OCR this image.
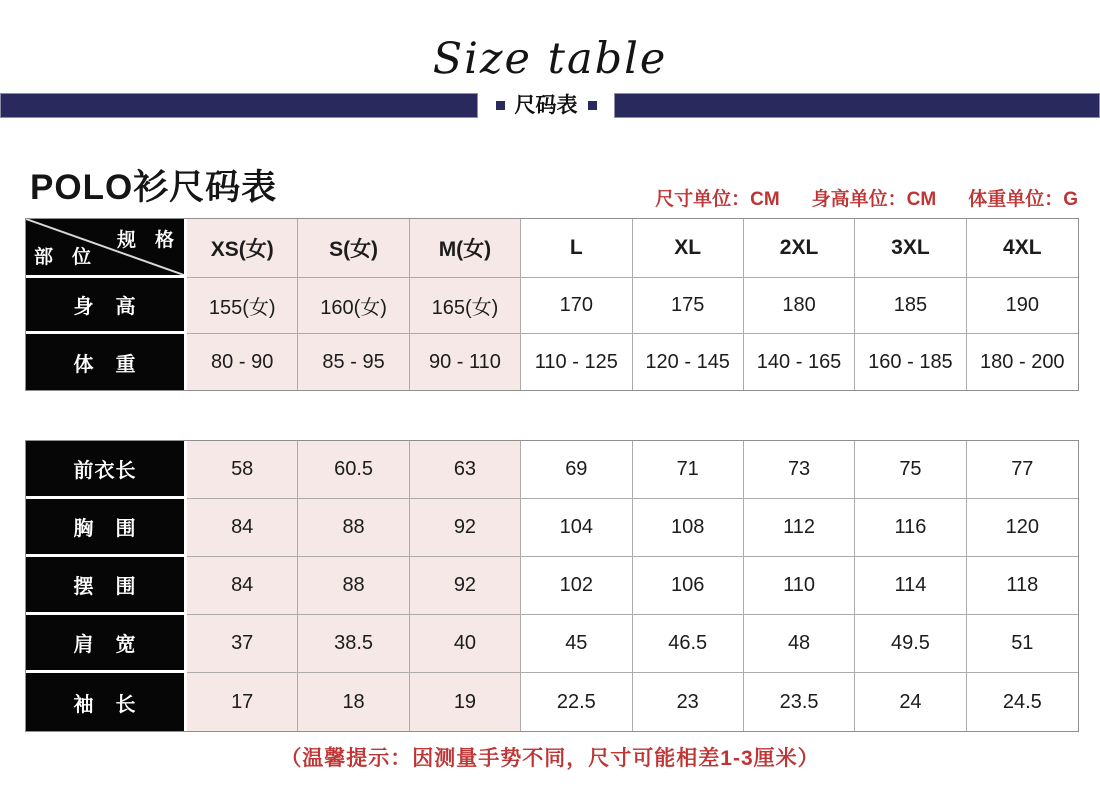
Size table
尺码表
POLO衫尺码表	尺寸单位：CM 身高单位：CM 体重单位：G
规　格
部　位	XS(女)	S(女)	M(女)	L	XL	2XL	3XL	4XL
身　高	155(女)	160(女)	165(女)	170	175	180	185	190
体　重	80 - 90	85 - 95	90 - 110	110 - 125	120 - 145	140 - 165	160 - 185	180 - 200
前衣长	58	60.5	63	69	71	73	75	77
胸　围	84	88	92	104	108	112	116	120
摆　围	84	88	92	102	106	110	114	118
肩　宽	37	38.5	40	45	46.5	48	49.5	51
袖　长	17	18	19	22.5	23	23.5	24	24.5
（温馨提示：因测量手势不同，尺寸可能相差1-3厘米）
